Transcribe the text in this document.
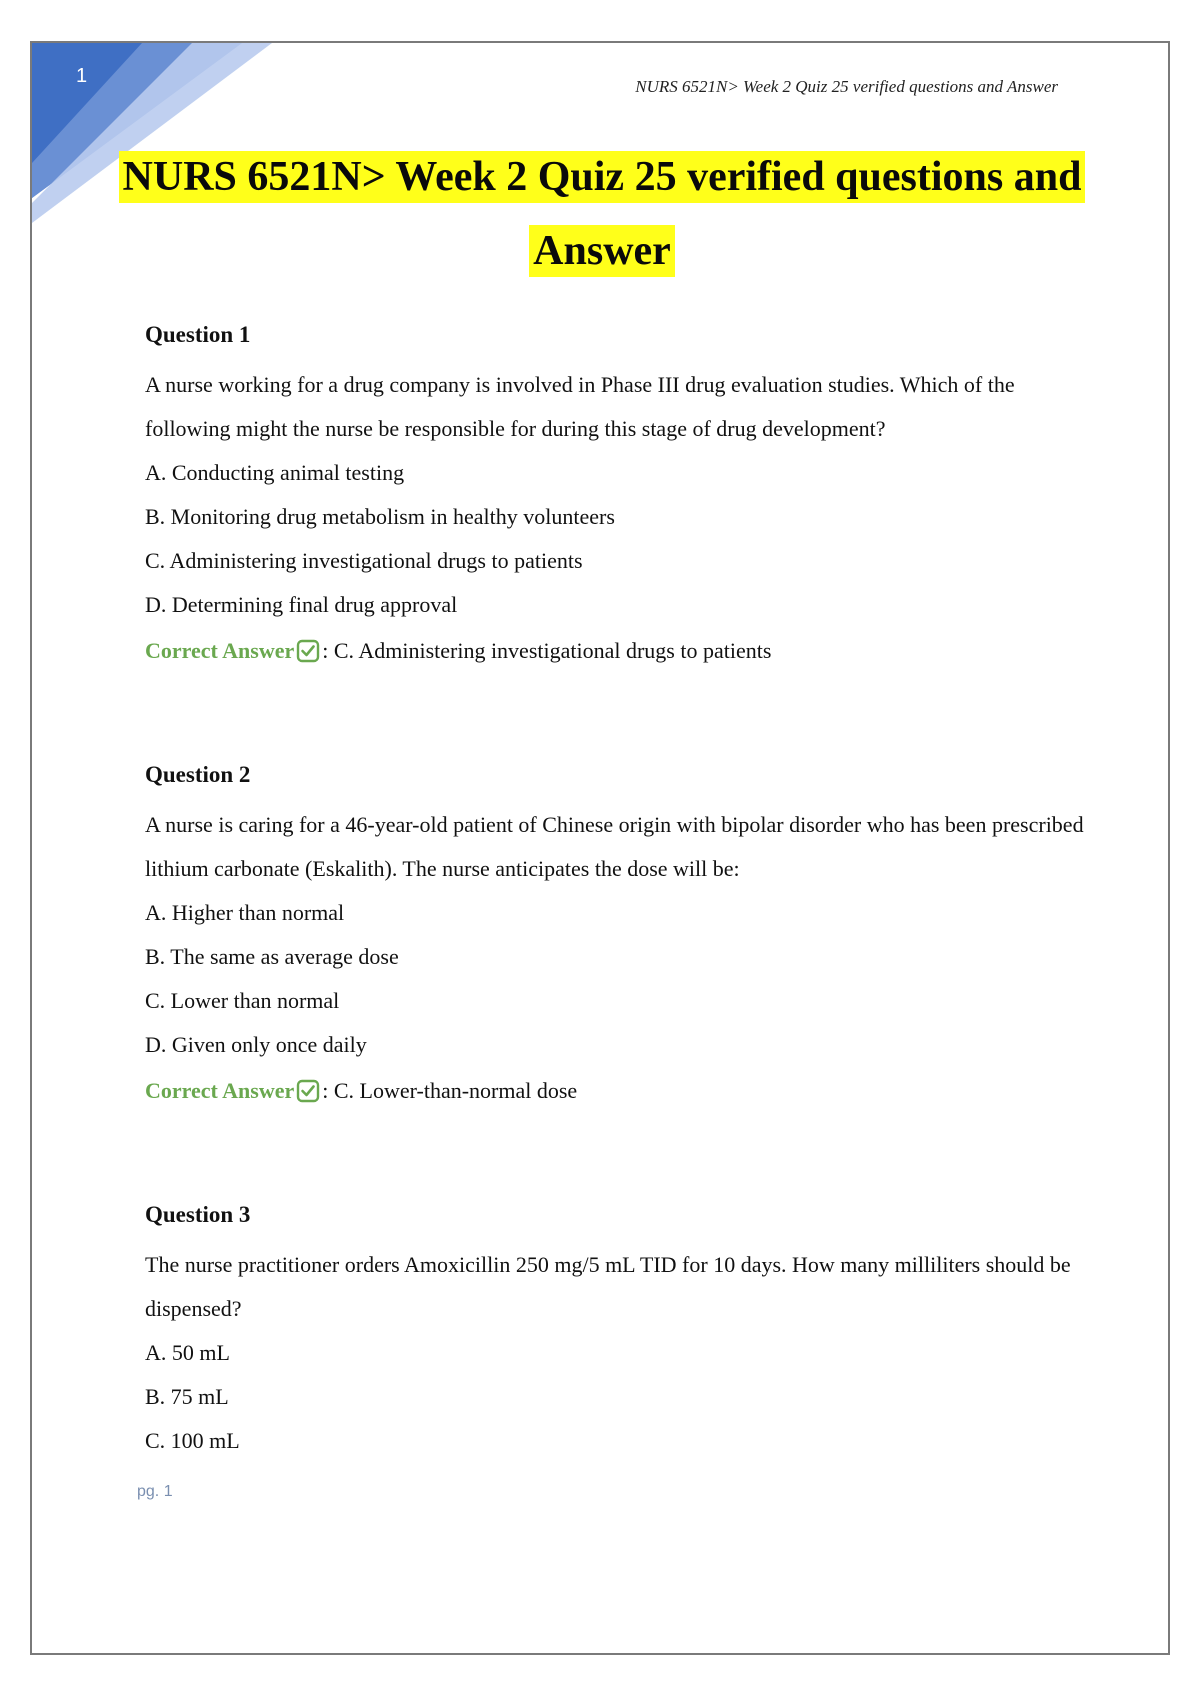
1	NURS 6521N> Week 2 Quiz 25 verified questions and Answer
NURS 6521N> Week 2 Quiz 25 verified questions and
Answer

Question 1

A nurse working for a drug company is involved in Phase III drug evaluation studies. Which of the following might the nurse be responsible for during this stage of drug development?

A. Conducting animal testing

B. Monitoring drug metabolism in healthy volunteers

C. Administering investigational drugs to patients

D. Determining final drug approval

Correct Answer : C. Administering investigational drugs to patients

Question 2

A nurse is caring for a 46-year-old patient of Chinese origin with bipolar disorder who has been prescribed lithium carbonate (Eskalith). The nurse anticipates the dose will be:

A. Higher than normal

B. The same as average dose

C. Lower than normal

D. Given only once daily

Correct Answer : C. Lower-than-normal dose

Question 3

The nurse practitioner orders Amoxicillin 250 mg/5 mL TID for 10 days. How many milliliters should be dispensed?

A. 50 mL

B. 75 mL

C. 100 mL

pg. 1
